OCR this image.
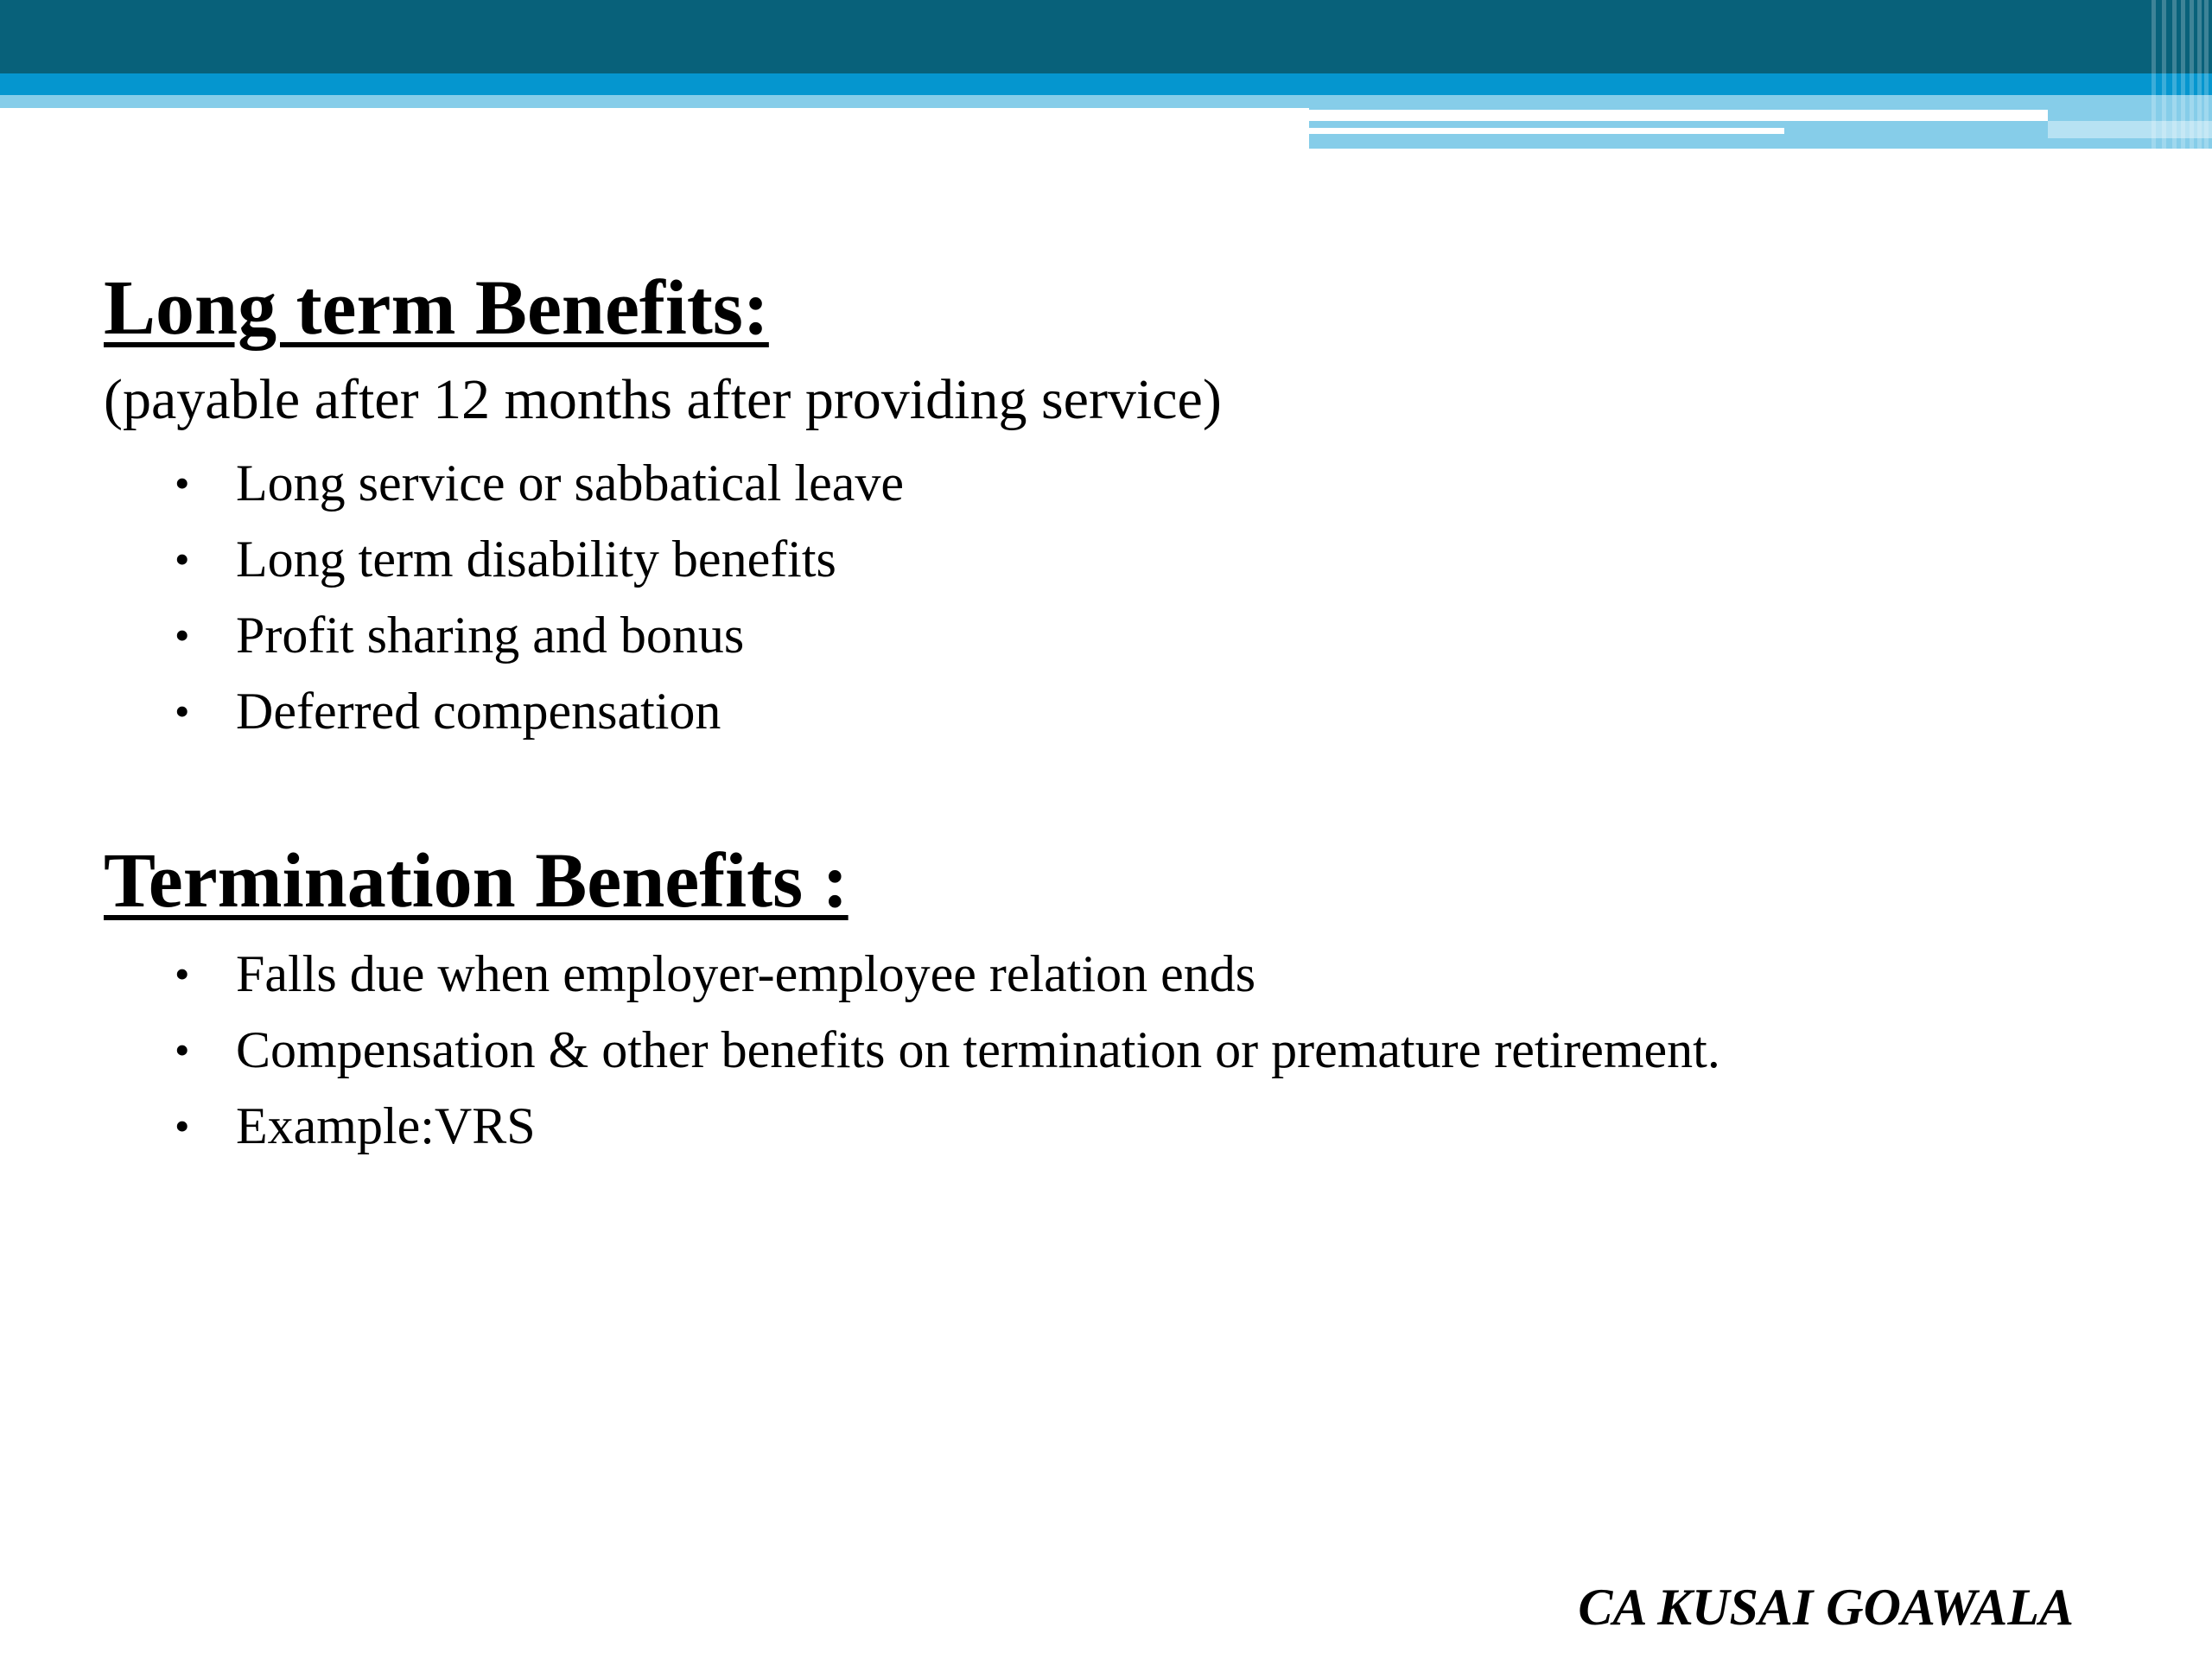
Long term Benefits:

(payable after 12 months after providing service)

• Long service or sabbatical leave
• Long term disability benefits
• Profit sharing and bonus
• Deferred compensation
Termination Benefits :
• Falls due when employer-employee relation ends
• Compensation & other benefits on termination or premature retirement.
• Example:VRS

CA KUSAI GOAWALA
